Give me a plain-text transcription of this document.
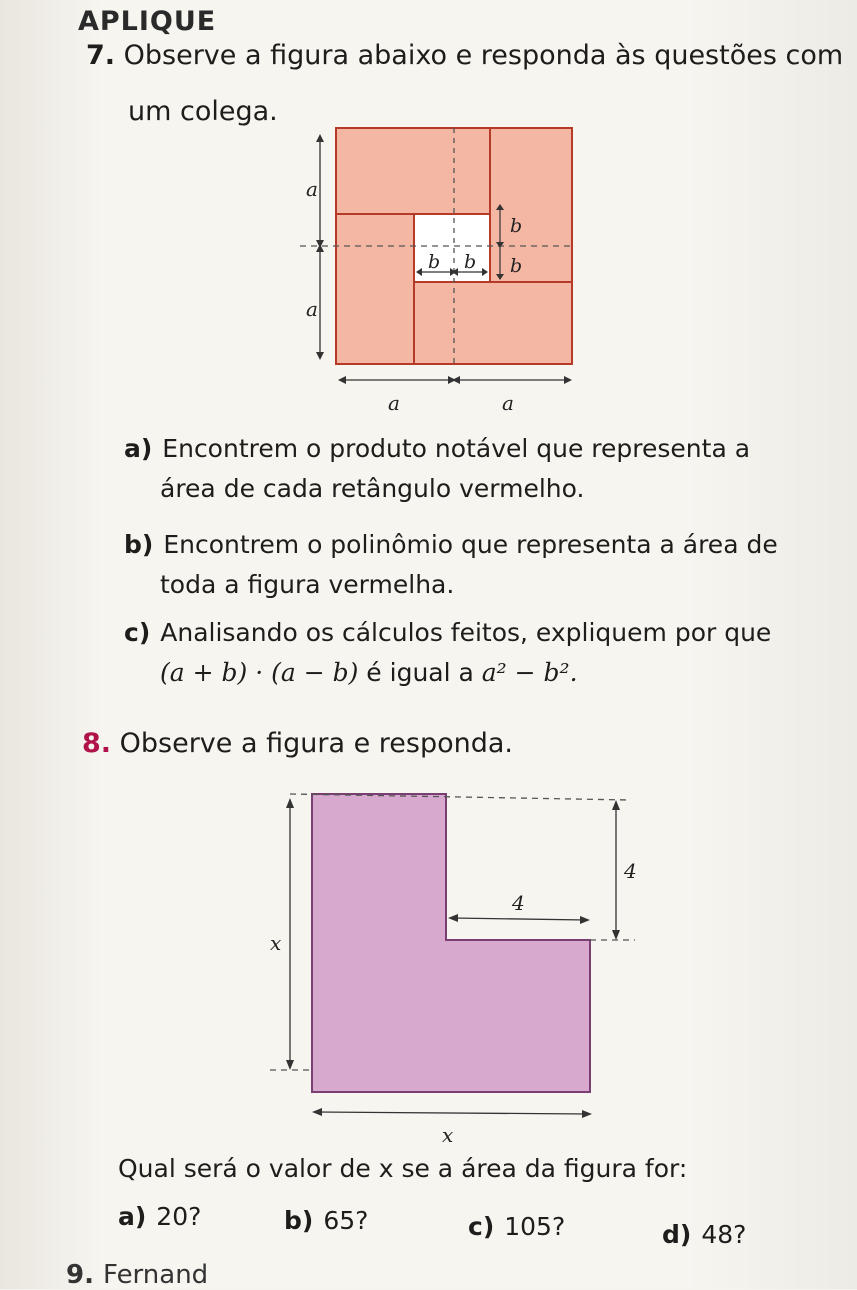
APLIQUE
7. Observe a figura abaixo e responda às questões com
um colega.
a
a
b b
b
b
a	a
a) Encontrem o produto notável que representa a
área de cada retângulo vermelho.
b) Encontrem o polinômio que representa a área de
toda a figura vermelha.
c) Analisando os cálculos feitos, expliquem por que
(a + b) · (a − b) é igual a a² − b².
8. Observe a figura e responda.
x
4
4
x
Qual será o valor de x se a área da figura for:
a) 20?	b) 65?	c) 105?	d) 48?
9. Fernand
